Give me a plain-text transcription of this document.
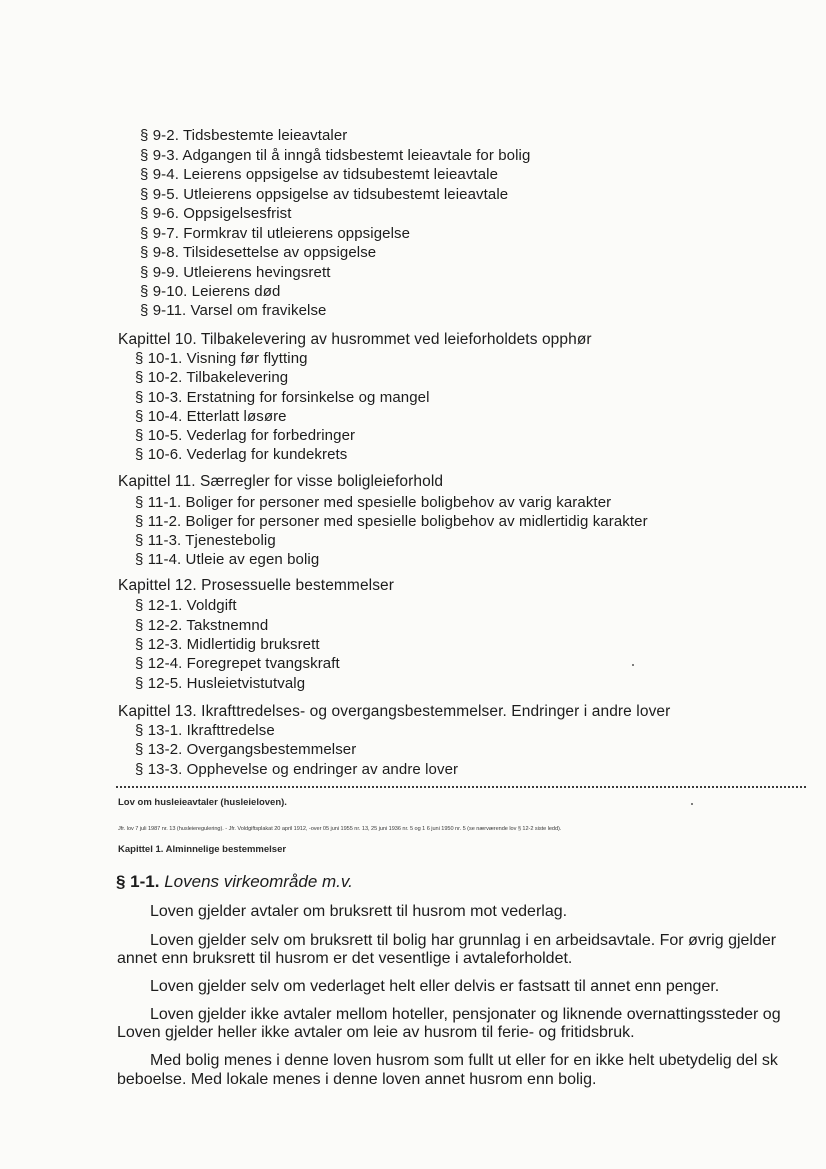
§ 9-2. Tidsbestemte leieavtaler
§ 9-3. Adgangen til å inngå tidsbestemt leieavtale for bolig
§ 9-4. Leierens oppsigelse av tidsubestemt leieavtale
§ 9-5. Utleierens oppsigelse av tidsubestemt leieavtale
§ 9-6. Oppsigelsesfrist
§ 9-7. Formkrav til utleierens oppsigelse
§ 9-8. Tilsidesettelse av oppsigelse
§ 9-9. Utleierens hevingsrett
§ 9-10. Leierens død
§ 9-11. Varsel om fravikelse
Kapittel 10. Tilbakelevering av husrommet ved leieforholdets opphør
§ 10-1. Visning før flytting
§ 10-2. Tilbakelevering
§ 10-3. Erstatning for forsinkelse og mangel
§ 10-4. Etterlatt løsøre
§ 10-5. Vederlag for forbedringer
§ 10-6. Vederlag for kundekrets
Kapittel 11. Særregler for visse boligleieforhold
§ 11-1. Boliger for personer med spesielle boligbehov av varig karakter
§ 11-2. Boliger for personer med spesielle boligbehov av midlertidig karakter
§ 11-3. Tjenestebolig
§ 11-4. Utleie av egen bolig
Kapittel 12. Prosessuelle bestemmelser
§ 12-1. Voldgift
§ 12-2. Takstnemnd
§ 12-3. Midlertidig bruksrett
§ 12-4. Foregrepet tvangskraft
§ 12-5. Husleietvistutvalg
Kapittel 13. Ikrafttredelses- og overgangsbestemmelser. Endringer i andre lover
§ 13-1. Ikrafttredelse
§ 13-2. Overgangsbestemmelser
§ 13-3. Opphevelse og endringer av andre lover
Lov om husleieavtaler (husleieloven).
Jfr. lov 7 juli 1987 nr. 13 (husleieregulering). - Jfr. Voldgiftsplakat 20 april 1912, -over 05 juni 1955 nr. 13, 25 juni 1936 nr. 5 og 1 6 juni 1950 nr. 5 (se nærværende lov § 12-2 siste ledd).
Kapittel 1. Alminnelige bestemmelser
§ 1-1. Lovens virkeområde m.v.
Loven gjelder avtaler om bruksrett til husrom mot vederlag.
Loven gjelder selv om bruksrett til bolig har grunnlag i en arbeidsavtale. For øvrig gjelder
annet enn bruksrett til husrom er det vesentlige i avtaleforholdet.
Loven gjelder selv om vederlaget helt eller delvis er fastsatt til annet enn penger.
Loven gjelder ikke avtaler mellom hoteller, pensjonater og liknende overnattingssteder og
Loven gjelder heller ikke avtaler om leie av husrom til ferie- og fritidsbruk.
Med bolig menes i denne loven husrom som fullt ut eller for en ikke helt ubetydelig del sk
beboelse. Med lokale menes i denne loven annet husrom enn bolig.
